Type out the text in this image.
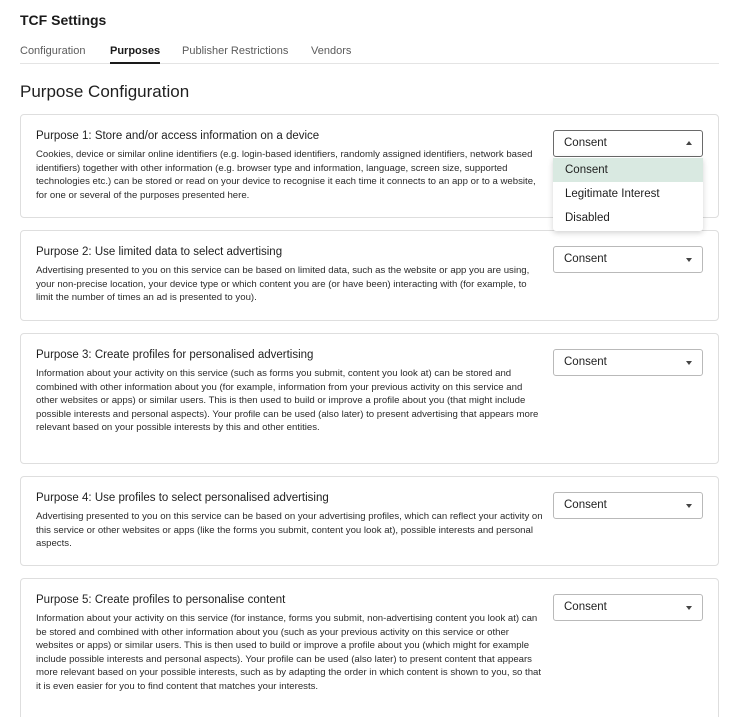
TCF Settings
Configuration Purposes Publisher Restrictions Vendors
Purpose Configuration
Purpose 1: Store and/or access information on a device
Cookies, device or similar online identifiers (e.g. login-based identifiers, randomly assigned identifiers, network based identifiers) together with other information (e.g. browser type and information, language, screen size, supported technologies etc.) can be stored or read on your device to recognise it each time it connects to an app or to a website, for one or several of the purposes presented here.
Consent
Purpose 2: Use limited data to select advertising
Advertising presented to you on this service can be based on limited data, such as the website or app you are using, your non-precise location, your device type or which content you are (or have been) interacting with (for example, to limit the number of times an ad is presented to you).
Consent
Purpose 3: Create profiles for personalised advertising
Information about your activity on this service (such as forms you submit, content you look at) can be stored and combined with other information about you (for example, information from your previous activity on this service and other websites or apps) or similar users. This is then used to build or improve a profile about you (that might include possible interests and personal aspects). Your profile can be used (also later) to present advertising that appears more relevant based on your possible interests by this and other entities.
Consent
Purpose 4: Use profiles to select personalised advertising
Advertising presented to you on this service can be based on your advertising profiles, which can reflect your activity on this service or other websites or apps (like the forms you submit, content you look at), possible interests and personal aspects.
Consent
Purpose 5: Create profiles to personalise content
Information about your activity on this service (for instance, forms you submit, non-advertising content you look at) can be stored and combined with other information about you (such as your previous activity on this service or other websites or apps) or similar users. This is then used to build or improve a profile about you (which might for example include possible interests and personal aspects). Your profile can be used (also later) to present content that appears more relevant based on your possible interests, such as by adapting the order in which content is shown to you, so that it is even easier for you to find content that matches your interests.
Consent
Consent
Legitimate Interest
Disabled
